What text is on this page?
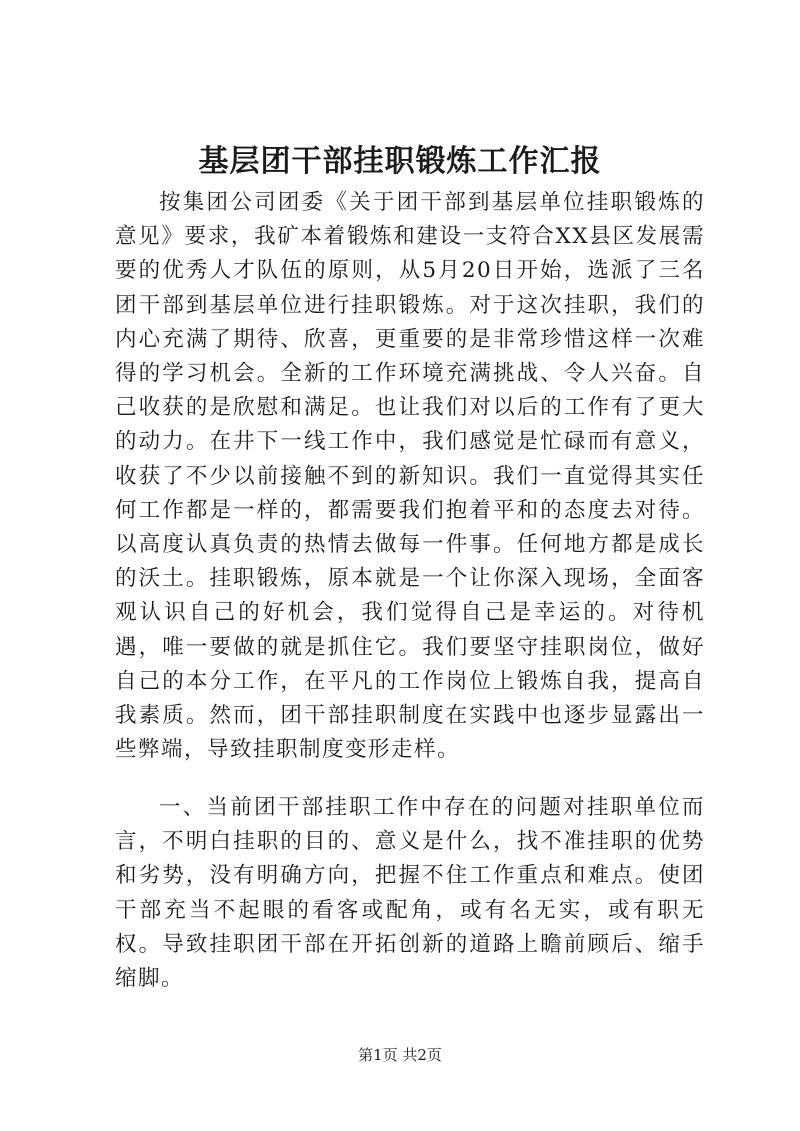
基层团干部挂职锻炼工作汇报

按集团公司团委《关于团干部到基层单位挂职锻炼的意见》要求，我矿本着锻炼和建设一支符合XX县区发展需要的优秀人才队伍的原则，从5月20日开始，选派了三名团干部到基层单位进行挂职锻炼。对于这次挂职，我们的内心充满了期待、欣喜，更重要的是非常珍惜这样一次难得的学习机会。全新的工作环境充满挑战、令人兴奋。自己收获的是欣慰和满足。也让我们对以后的工作有了更大的动力。在井下一线工作中，我们感觉是忙碌而有意义，收获了不少以前接触不到的新知识。我们一直觉得其实任何工作都是一样的，都需要我们抱着平和的态度去对待。以高度认真负责的热情去做每一件事。任何地方都是成长的沃土。挂职锻炼，原本就是一个让你深入现场，全面客观认识自己的好机会，我们觉得自己是幸运的。对待机遇，唯一要做的就是抓住它。我们要坚守挂职岗位，做好自己的本分工作，在平凡的工作岗位上锻炼自我，提高自我素质。然而，团干部挂职制度在实践中也逐步显露出一些弊端，导致挂职制度变形走样。

一、当前团干部挂职工作中存在的问题对挂职单位而言，不明白挂职的目的、意义是什么，找不准挂职的优势和劣势，没有明确方向，把握不住工作重点和难点。使团干部充当不起眼的看客或配角，或有名无实，或有职无权。导致挂职团干部在开拓创新的道路上瞻前顾后、缩手缩脚。

第1页 共2页
